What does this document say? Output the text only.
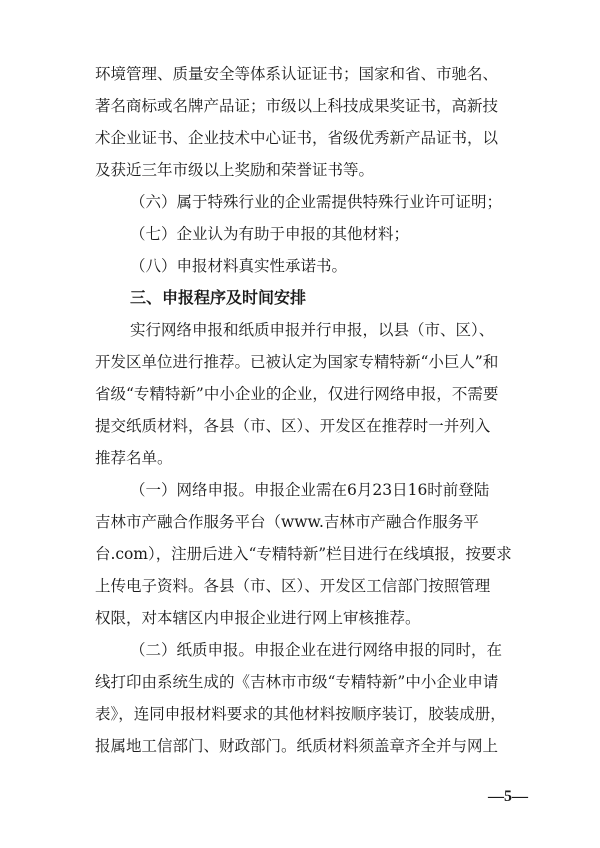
环境管理、质量安全等体系认证证书；国家和省、市驰名、
著名商标或名牌产品证；市级以上科技成果奖证书，高新技
术企业证书、企业技术中心证书，省级优秀新产品证书，以
及获近三年市级以上奖励和荣誉证书等。
（六）属于特殊行业的企业需提供特殊行业许可证明；
（七）企业认为有助于申报的其他材料；
（八）申报材料真实性承诺书。
三、申报程序及时间安排
实行网络申报和纸质申报并行申报，以县（市、区）、
开发区单位进行推荐。已被认定为国家专精特新“小巨人”和
省级“专精特新”中小企业的企业，仅进行网络申报，不需要
提交纸质材料，各县（市、区）、开发区在推荐时一并列入
推荐名单。
（一）网络申报。申报企业需在6月23日16时前登陆
吉林市产融合作服务平台（www.吉林市产融合作服务平
台.com），注册后进入“专精特新”栏目进行在线填报，按要求
上传电子资料。各县（市、区）、开发区工信部门按照管理
权限，对本辖区内申报企业进行网上审核推荐。
（二）纸质申报。申报企业在进行网络申报的同时，在
线打印由系统生成的《吉林市市级“专精特新”中小企业申请
表》，连同申报材料要求的其他材料按顺序装订，胶装成册，
报属地工信部门、财政部门。纸质材料须盖章齐全并与网上
—5—
